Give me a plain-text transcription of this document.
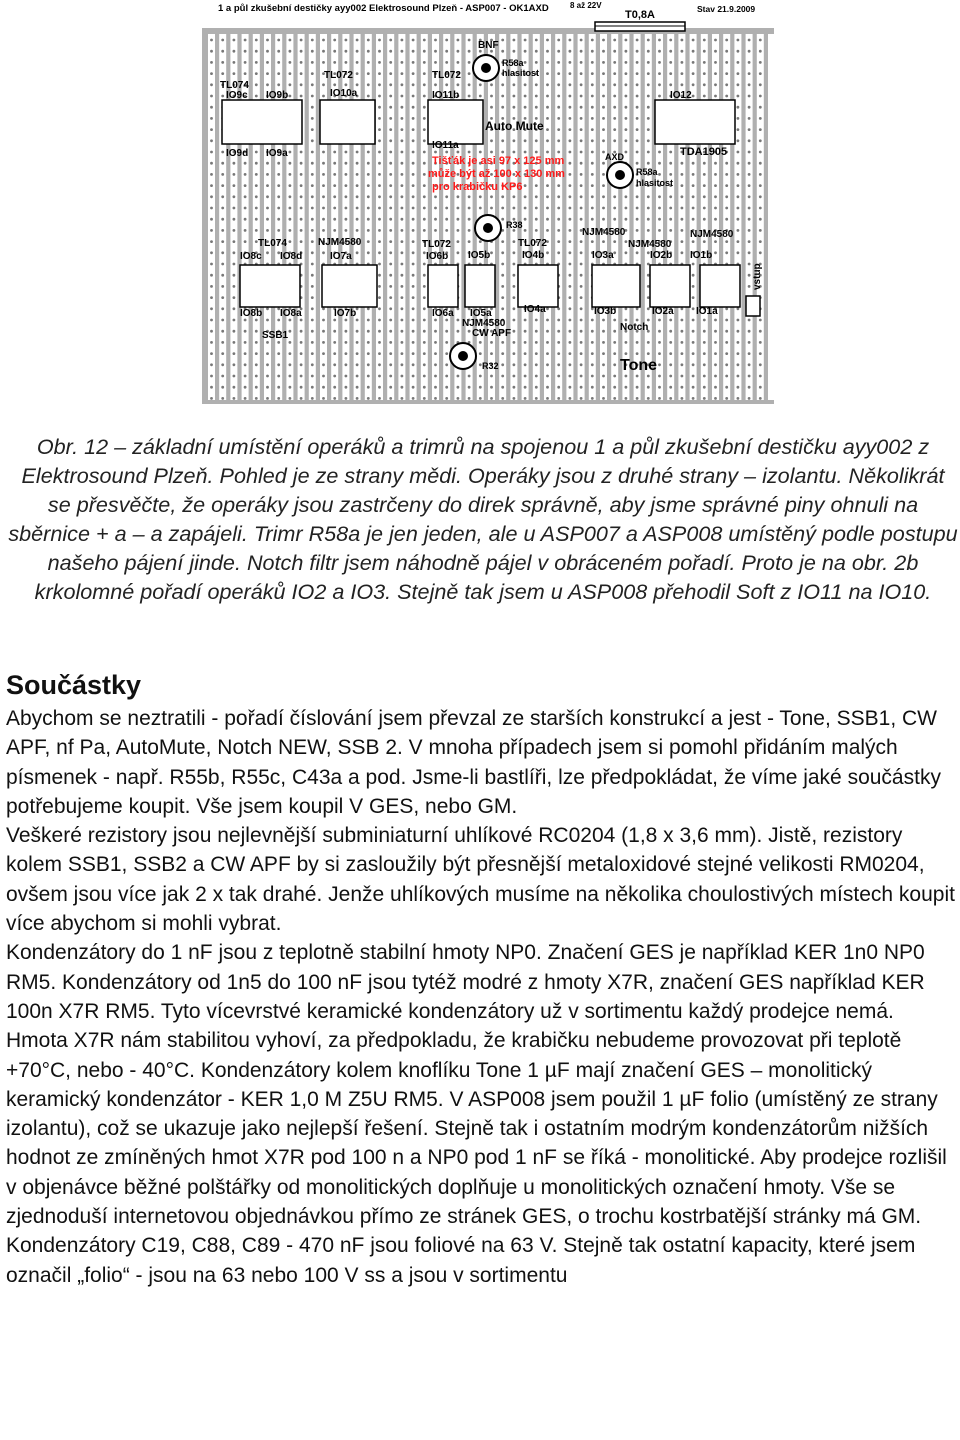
1 a půl zkušební destičky ayy002 Elektrosound Plzeň - ASP007 - OK1AXD	8 až 22V
T0,8A	Stav 21.9.2009
BNF
R58a
hlasitost
TL074
IO9c IO9b
TL072
IO10a
TL072
IO11b	IO12
IO9d IO9a
Auto Mute
IO11a
AXD	TDA1905
R58a
hlasitost
Tišťák je asi 97 x 125 mm
může být až 100 x 130 mm
pro krabičku KP6
TL074	NJM4580
IO8c IO8d	IO7a
R38
TL072
IO6b IO5b
TL072
IO4b
NJM4580
NJM4580
NJM4580
IO3a	IO2b IO1b
vstup
IO8b IO8a	IO7b
SSB1
IO6a IO5a	IO4a
NJM4580
CW APF
IO3b	IO2a IO1a
Notch
R32	Tone

Obr. 12 – základní umístění operáků a trimrů na spojenou 1 a půl zkušební destičku ayy002 z Elektrosound Plzeň. Pohled je ze strany mědi. Operáky jsou z druhé strany – izolantu. Několikrát se přesvěčte, že operáky jsou zastrčeny do direk správně, aby jsme správné piny ohnuli na sběrnice + a – a zapájeli. Trimr R58a je jen jeden, ale u ASP007 a ASP008 umístěný podle postupu našeho pájení jinde. Notch filtr jsem náhodně pájel v obráceném pořadí. Proto je na obr. 2b krkolomné pořadí operáků IO2 a IO3. Stejně tak jsem u ASP008 přehodil Soft z IO11 na IO10.

Součástky

Abychom se neztratili - pořadí číslování jsem převzal ze starších konstrukcí a jest - Tone, SSB1, CW APF, nf Pa, AutoMute, Notch NEW, SSB 2. V mnoha případech jsem si pomohl přidáním malých písmenek - např. R55b, R55c, C43a a pod. Jsme-li bastlíři, lze předpokládat, že víme jaké součástky potřebujeme koupit. Vše jsem koupil V GES, nebo GM.

Veškeré rezistory jsou nejlevnější subminiaturní uhlíkové RC0204 (1,8 x 3,6 mm). Jistě, rezistory kolem SSB1, SSB2 a CW APF by si zasloužily být přesnější metaloxidové stejné velikosti RM0204, ovšem jsou více jak 2 x tak drahé. Jenže uhlíkových musíme na několika choulostivých místech koupit více abychom si mohli vybrat.

Kondenzátory do 1 nF jsou z teplotně stabilní hmoty NP0. Značení GES je například KER 1n0 NP0 RM5. Kondenzátory od 1n5 do 100 nF jsou tytéž modré z hmoty X7R, značení GES například KER 100n X7R RM5. Tyto vícevrstvé keramické kondenzátory už v sortimentu každý prodejce nemá. Hmota X7R nám stabilitou vyhoví, za předpokladu, že krabičku nebudeme provozovat při teplotě +70°C, nebo - 40°C. Kondenzátory kolem knoflíku Tone 1 µF mají značení GES – monolitický keramický kondenzátor - KER 1,0 M Z5U RM5. V ASP008 jsem použil 1 µF folio (umístěný ze strany izolantu), což se ukazuje jako nejlepší řešení. Stejně tak i ostatním modrým kondenzátorům nižších hodnot ze zmíněných hmot X7R pod 100 n a NP0 pod 1 nF se říká - monolitické. Aby prodejce rozlišil v objenávce běžné polštářky od monolitických doplňuje u monolitických označení hmoty. Vše se zjednoduší internetovou objednávkou přímo ze stránek GES, o trochu kostrbatější stránky má GM.

Kondenzátory C19, C88, C89 - 470 nF jsou foliové na 63 V. Stejně tak ostatní kapacity, které jsem označil „folio“ - jsou na 63 nebo 100 V ss a jsou v sortimentu
